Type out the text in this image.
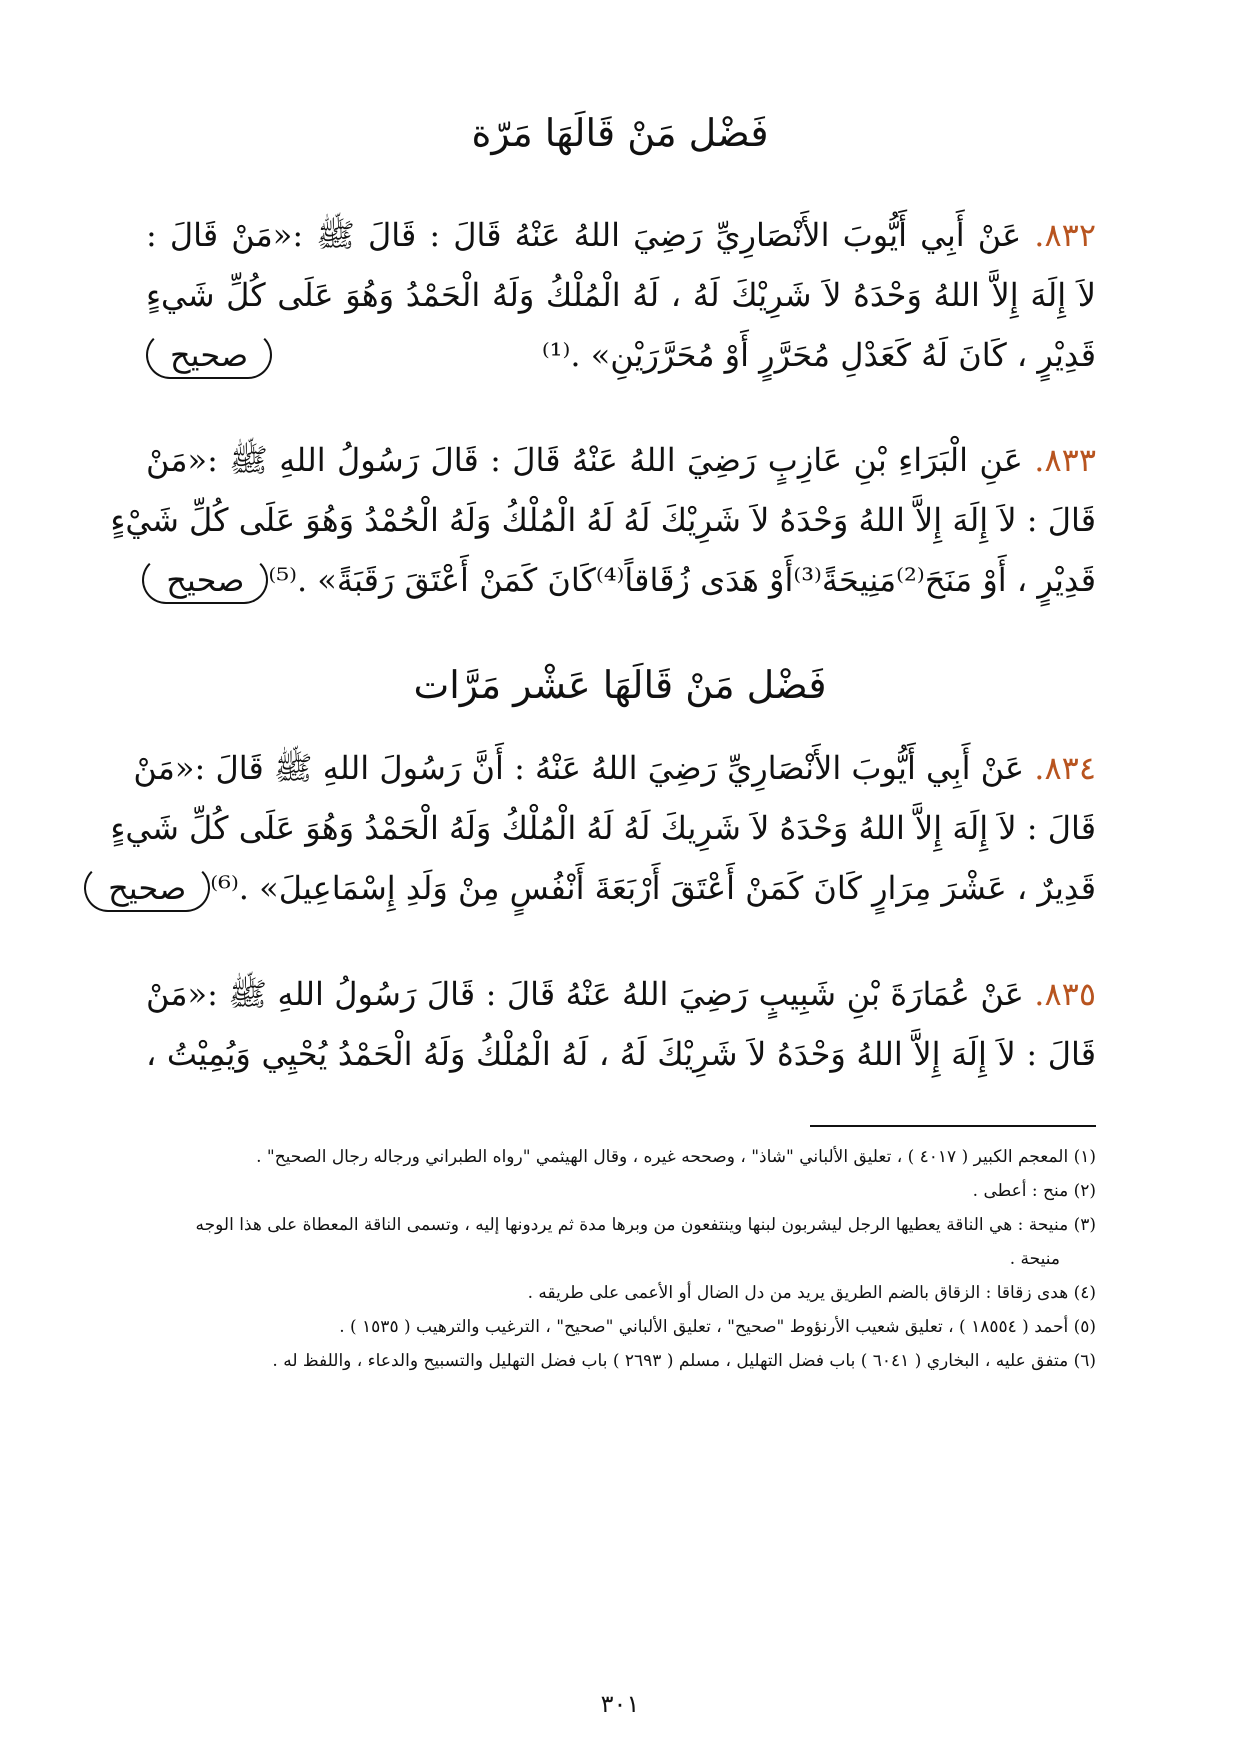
فَضْل مَنْ قَالَهَا مَرّة
٨٣٢. عَنْ أَبِي أَيُّوبَ الأَنْصَارِيِّ رَضِيَ اللهُ عَنْهُ قَالَ : قَالَ ﷺ :«مَنْ قَالَ :
لاَ إِلَهَ إِلاَّ اللهُ وَحْدَهُ لاَ شَرِيْكَ لَهُ ، لَهُ الْمُلْكُ وَلَهُ الْحَمْدُ وَهُوَ عَلَى كُلِّ شَيءٍ
قَدِيْرٍ ، كَانَ لَهُ كَعَدْلِ مُحَرَّرٍ أَوْ مُحَرَّرَيْنِ» .⁽¹⁾
صحيح
٨٣٣. عَنِ الْبَرَاءِ بْنِ عَازِبٍ رَضِيَ اللهُ عَنْهُ قَالَ : قَالَ رَسُولُ اللهِ ﷺ :«مَنْ
قَالَ : لاَ إِلَهَ إِلاَّ اللهُ وَحْدَهُ لاَ شَرِيْكَ لَهُ لَهُ الْمُلْكُ وَلَهُ الْحُمْدُ وَهُوَ عَلَى كُلِّ شَيْءٍ
قَدِيْرٍ ، أَوْ مَنَحَ⁽²⁾مَنِيحَةً⁽³⁾أَوْ هَدَى زُقَاقاً⁽⁴⁾كَانَ كَمَنْ أَعْتَقَ رَقَبَةً» .⁽⁵⁾
صحيح
فَضْل مَنْ قَالَهَا عَشْر مَرَّات
٨٣٤. عَنْ أَبِي أَيُّوبَ الأَنْصَارِيِّ رَضِيَ اللهُ عَنْهُ : أَنَّ رَسُولَ اللهِ ﷺ قَالَ :«مَنْ
قَالَ : لاَ إِلَهَ إِلاَّ اللهُ وَحْدَهُ لاَ شَرِيكَ لَهُ لَهُ الْمُلْكُ وَلَهُ الْحَمْدُ وَهُوَ عَلَى كُلِّ شَيءٍ
قَدِيرٌ ، عَشْرَ مِرَارٍ كَانَ كَمَنْ أَعْتَقَ أَرْبَعَةَ أَنْفُسٍ مِنْ وَلَدِ إِسْمَاعِيلَ» .⁽⁶⁾
صحيح
٨٣٥. عَنْ عُمَارَةَ بْنِ شَبِيبٍ رَضِيَ اللهُ عَنْهُ قَالَ : قَالَ رَسُولُ اللهِ ﷺ :«مَنْ
قَالَ : لاَ إِلَهَ إِلاَّ اللهُ وَحْدَهُ لاَ شَرِيْكَ لَهُ ، لَهُ الْمُلْكُ وَلَهُ الْحَمْدُ يُحْيِي وَيُمِيْتُ ،
(١) المعجم الكبير ( ٤٠١٧ ) ، تعليق الألباني "شاذ" ، وصححه غيره ، وقال الهيثمي "رواه الطبراني ورجاله رجال الصحيح" .
(٢) منح : أعطى .
(٣) منيحة : هي الناقة يعطيها الرجل ليشربون لبنها وينتفعون من وبرها مدة ثم يردونها إليه ، وتسمى الناقة المعطاة على هذا الوجه
منيحة .
(٤) هدى زقاقا : الزقاق بالضم الطريق يريد من دل الضال أو الأعمى على طريقه .
(٥) أحمد ( ١٨٥٥٤ ) ، تعليق شعيب الأرنؤوط "صحيح" ، تعليق الألباني "صحيح" ، الترغيب والترهيب ( ١٥٣٥ ) .
(٦) متفق عليه ، البخاري ( ٦٠٤١ ) باب فضل التهليل ، مسلم ( ٢٦٩٣ ) باب فضل التهليل والتسبيح والدعاء ، واللفظ له .
٣٠١
